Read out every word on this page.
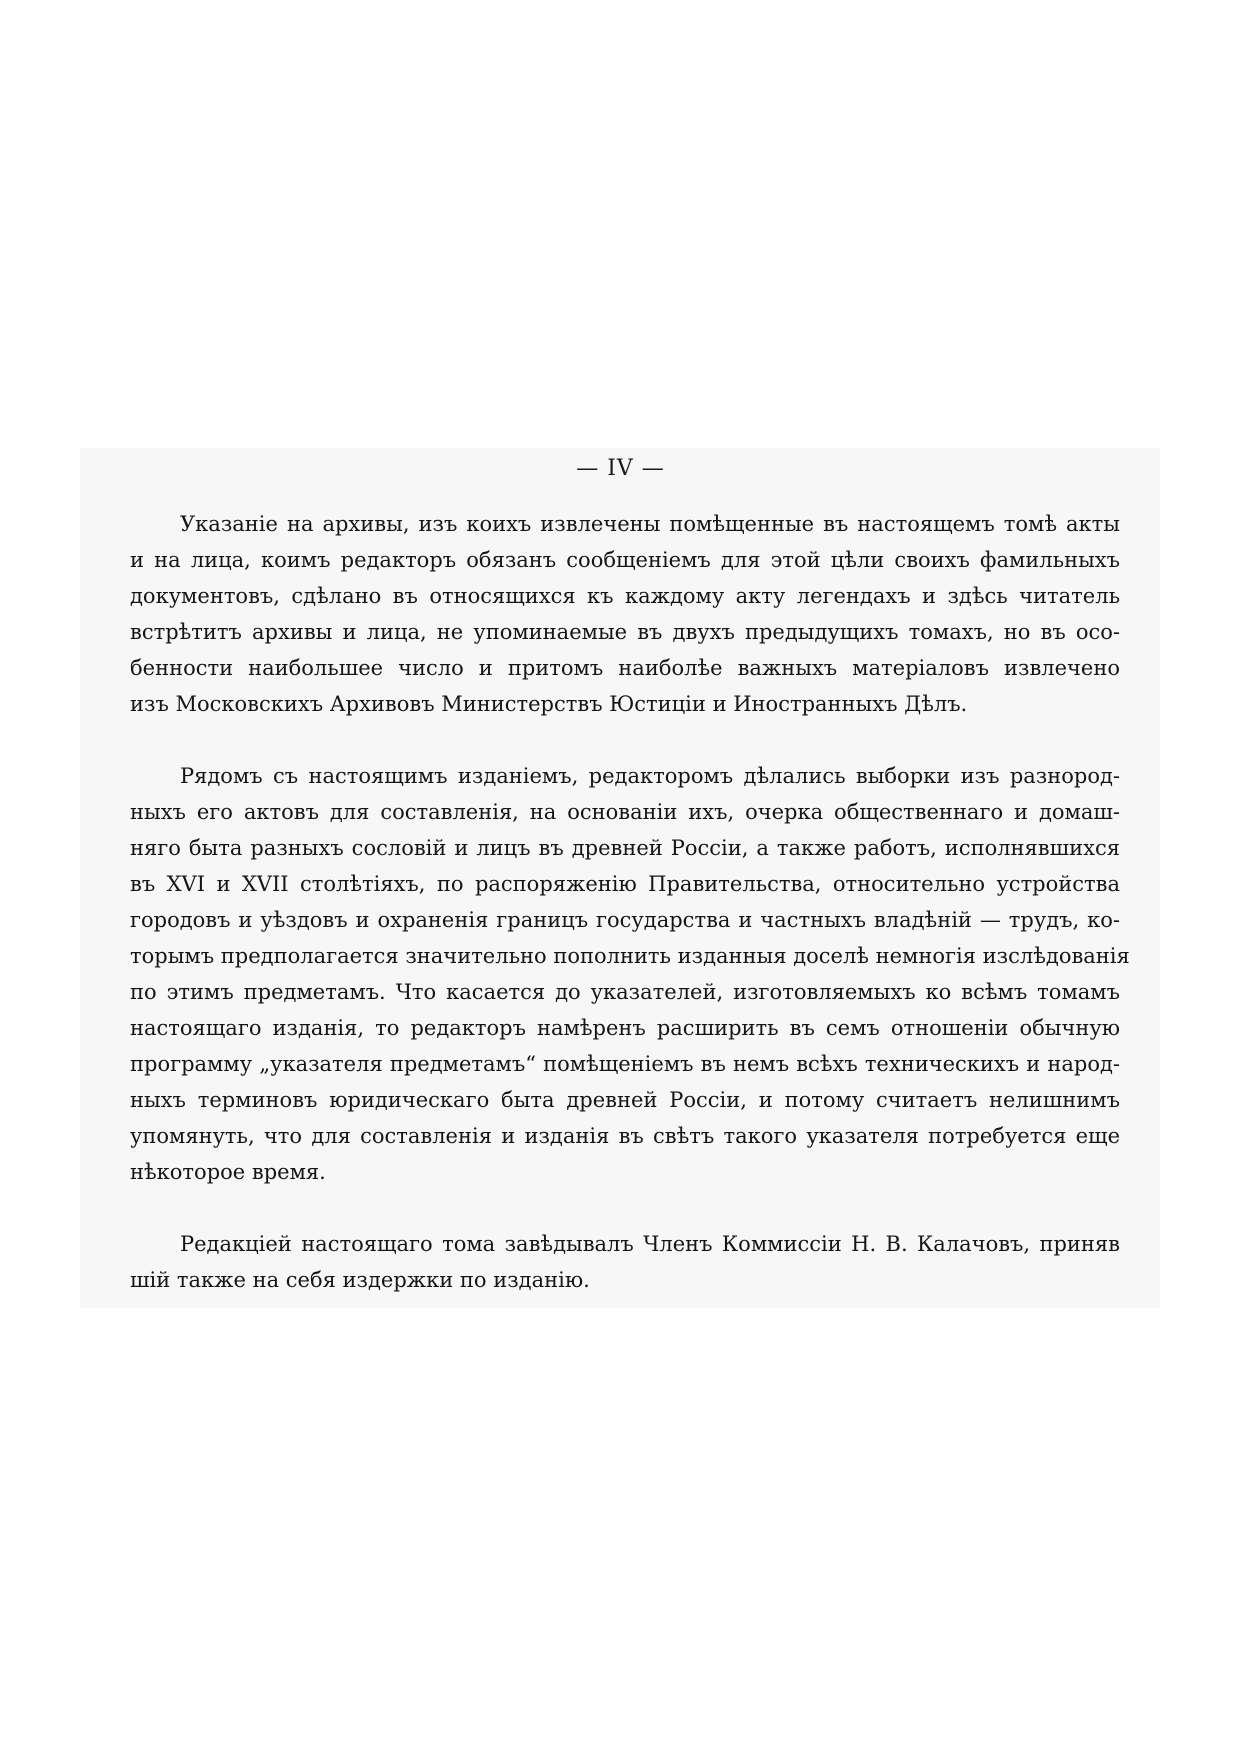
— IV —

Указанiе на архивы, изъ коихъ извлечены помѣщенные въ настоящемъ томѣ акты
и на лица, коимъ редакторъ обязанъ сообщенiемъ для этой цѣли своихъ фамильныхъ
документовъ, сдѣлано въ относящихся къ каждому акту легендахъ и здѣсь читатель
встрѣтитъ архивы и лица, не упоминаемые въ двухъ предыдущихъ томахъ, но въ осо-
бенности наибольшее число и притомъ наиболѣе важныхъ матерiаловъ извлечено
изъ Московскихъ Архивовъ Министерствъ Юстицiи и Иностранныхъ Дѣлъ.

Рядомъ съ настоящимъ изданiемъ, редакторомъ дѣлались выборки изъ разнород-
ныхъ его актовъ для составленiя, на основанiи ихъ, очерка общественнаго и домаш-
няго быта разныхъ сословiй и лицъ въ древней Россiи, а также работъ, исполнявшихся
въ XVI и XVII столѣтiяхъ, по распоряженiю Правительства, относительно устройства
городовъ и уѣздовъ и охраненiя границъ государства и частныхъ владѣнiй — трудъ, ко-
торымъ предполагается значительно пополнить изданныя доселѣ немногiя изслѣдованiя
по этимъ предметамъ. Что касается до указателей, изготовляемыхъ ко всѣмъ томамъ
настоящаго изданiя, то редакторъ намѣренъ расширить въ семъ отношенiи обычную
программу „указателя предметамъ“ помѣщенiемъ въ немъ всѣхъ техническихъ и народ-
ныхъ терминовъ юридическаго быта древней Россiи, и потому считаетъ нелишнимъ
упомянуть, что для составленiя и изданiя въ свѣтъ такого указателя потребуется еще
нѣкоторое время.

Редакцiей настоящаго тома завѣдывалъ Членъ Коммиссiи Н. В. Калачовъ, приняв
шiй также на себя издержки по изданiю.
